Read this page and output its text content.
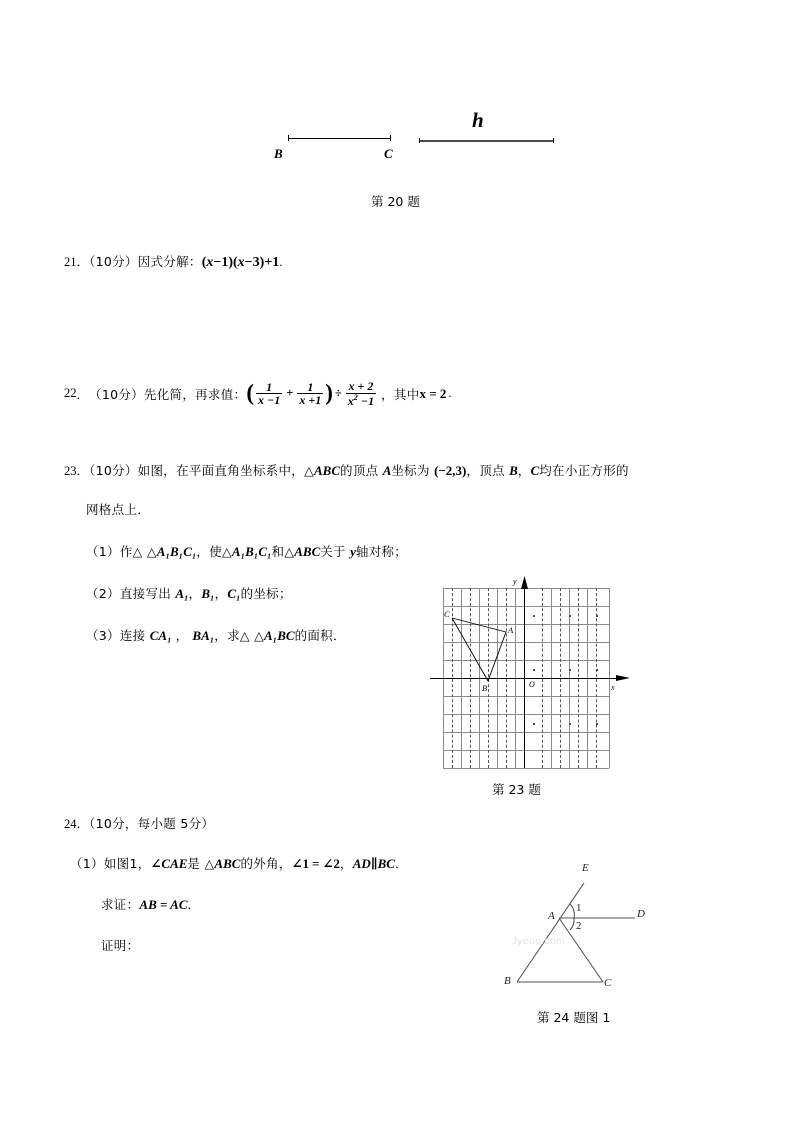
B	C
h
第 20 题
21．（10分）因式分解：(x−1)(x−3)+1.
22 ． （10分） 先化简，再求值： ( $\frac{1}{x -1} + \frac{1}{x +1}$ ) ÷ $\frac{x + 2}{x^2 -1}$ ， 其中 x = 2 .
23．（10分）如图，在平面直角坐标系中，△ABC的顶点 A坐标为 (−2,3)，顶点 B，C均在小正方形的
网格点上．
（1）作△ △A₁B₁C₁，使△A₁B₁C₁和△ABC关于 y轴对称；
（2）直接写出 A₁，B₁，C₁的坐标；
（3）连接 CA₁ ， BA₁，求△ △A₁BC的面积．
x
y
O
C
A
B
第 23 题
24．（10分，每小题 5分）
（1）如图1，∠CAE是 △ABC的外角，∠1 = ∠2，AD∥BC．
求证：AB = AC．
证明：
E
A	D
B	C
1
2
Jyeoo.com
第 24 题图 1
